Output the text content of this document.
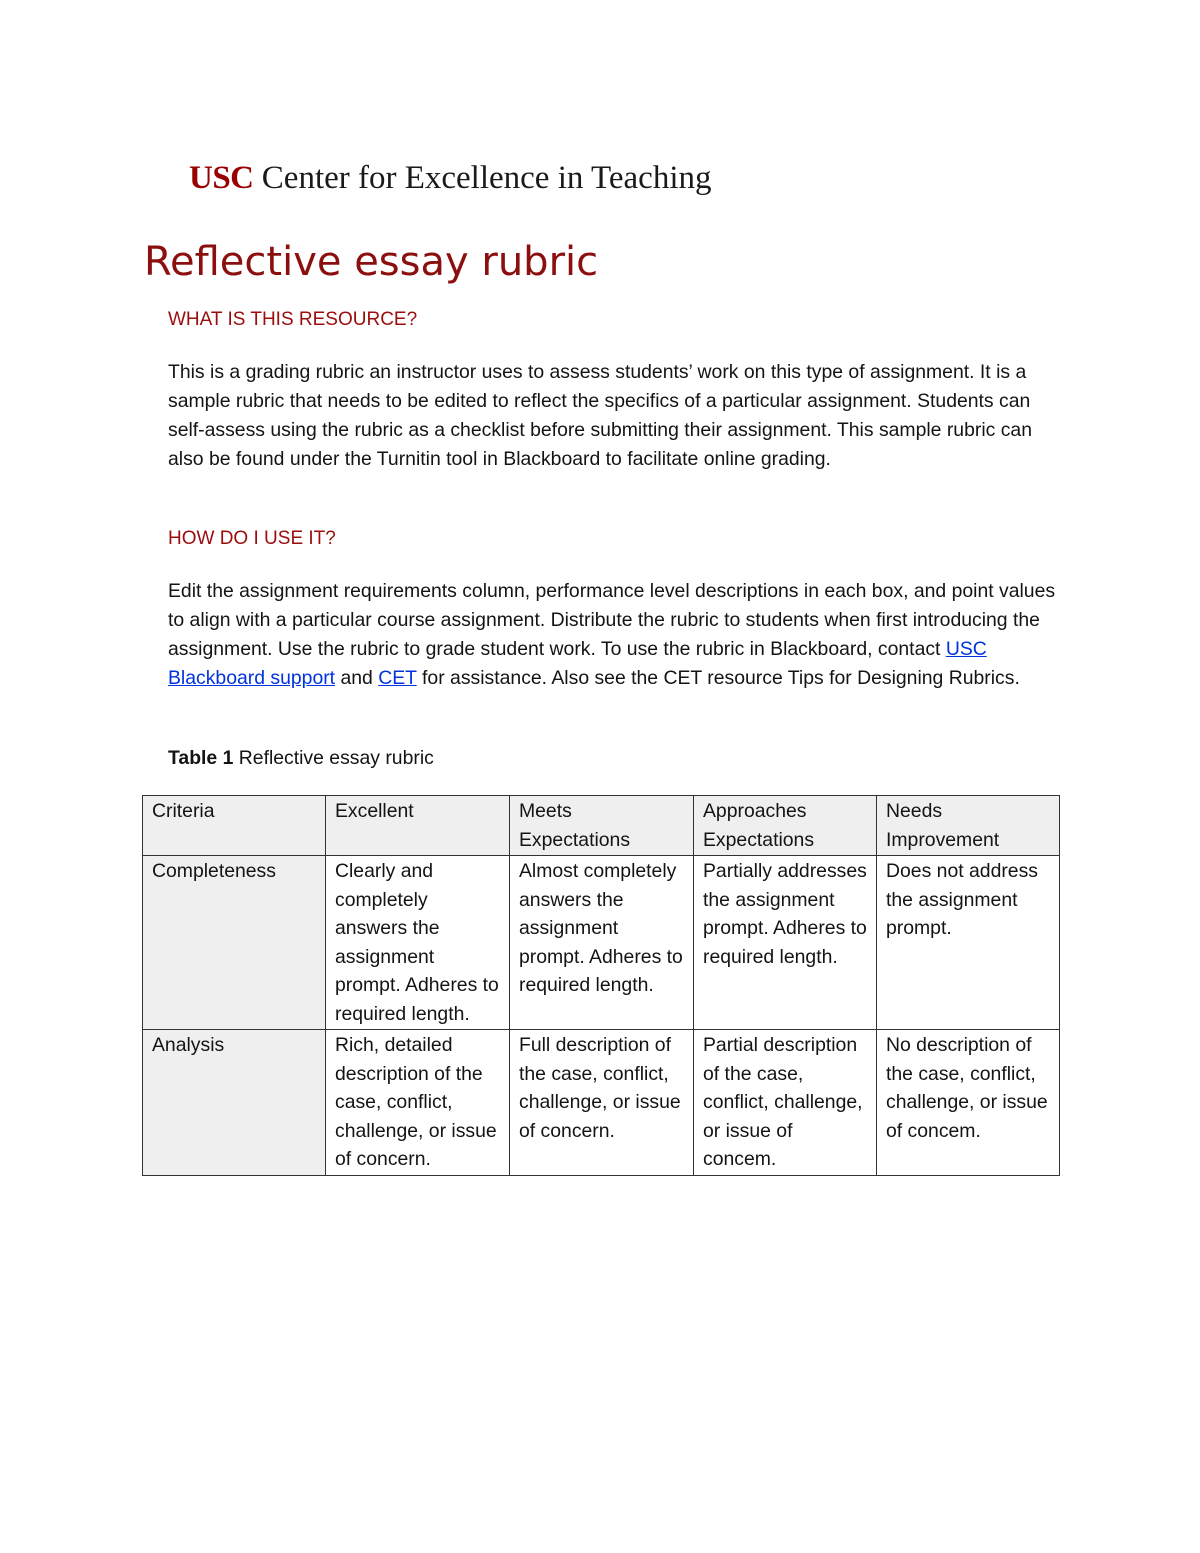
USC Center for Excellence in Teaching
Reflective essay rubric
WHAT IS THIS RESOURCE?

This is a grading rubric an instructor uses to assess students’ work on this type of assignment. It is a sample rubric that needs to be edited to reflect the specifics of a particular assignment. Students can self-assess using the rubric as a checklist before submitting their assignment. This sample rubric can also be found under the Turnitin tool in Blackboard to facilitate online grading.

HOW DO I USE IT?

Edit the assignment requirements column, performance level descriptions in each box, and point values to align with a particular course assignment. Distribute the rubric to students when first introducing the assignment. Use the rubric to grade student work. To use the rubric in Blackboard, contact USC Blackboard support and CET for assistance. Also see the CET resource Tips for Designing Rubrics.

Table 1 Reflective essay rubric

Criteria	Excellent	Meets Expectations	Approaches Expectations	Needs Improvement
Completeness	Clearly and completely answers the assignment prompt. Adheres to required length.	Almost completely answers the assignment prompt. Adheres to required length.	Partially addresses the assignment prompt. Adheres to required length.	Does not address the assignment prompt.
Analysis	Rich, detailed description of the case, conflict, challenge, or issue of concern.	Full description of the case, conflict, challenge, or issue of concern.	Partial description of the case, conflict, challenge, or issue of concem.	No description of the case, conflict, challenge, or issue of concem.
